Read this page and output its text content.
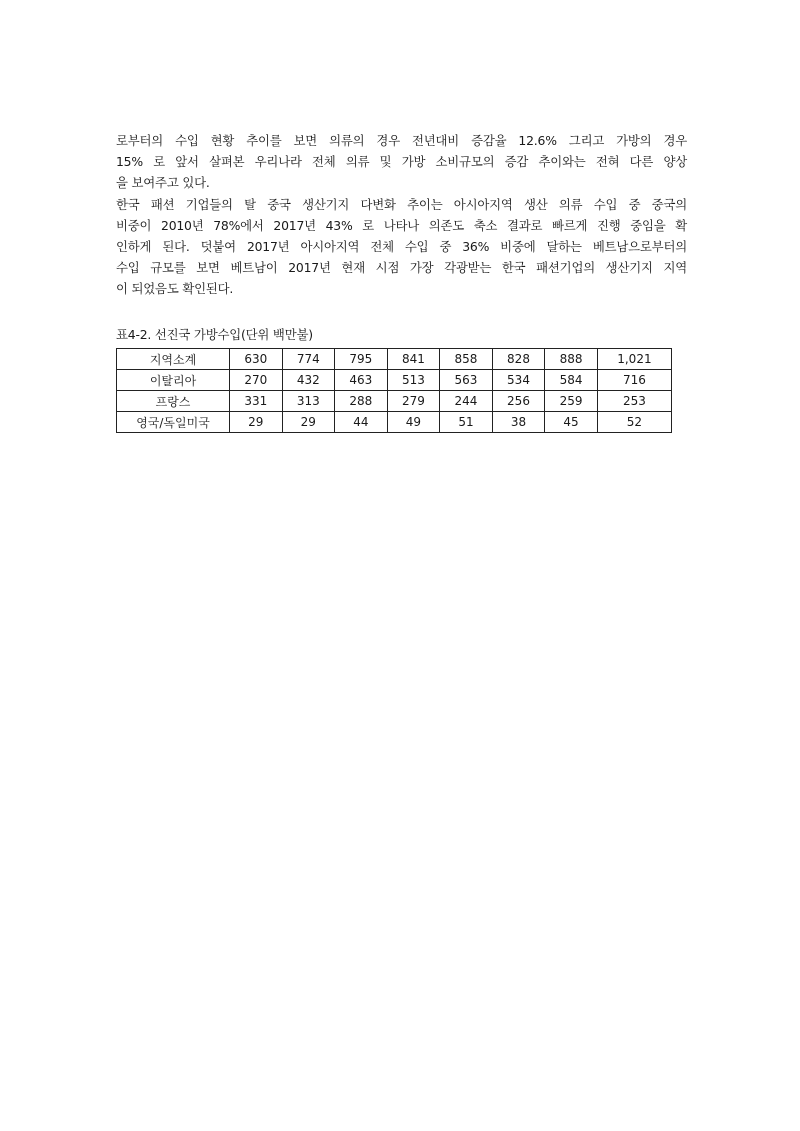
로부터의 수입 현황 추이를 보면 의류의 경우 전년대비 증감율 12.6% 그리고 가방의 경우
15% 로 앞서 살펴본 우리나라 전체 의류 및 가방 소비규모의 증감 추이와는 전혀 다른 양상
을 보여주고 있다.
한국 패션 기업들의 탈 중국 생산기지 다변화 추이는 아시아지역 생산 의류 수입 중 중국의
비중이 2010년 78%에서 2017년 43% 로 나타나 의존도 축소 결과로 빠르게 진행 중임을 확
인하게 된다. 덧붙여 2017년 아시아지역 전체 수입 중 36% 비중에 달하는 베트남으로부터의
수입 규모를 보면 베트남이 2017년 현재 시점 가장 각광받는 한국 패션기업의 생산기지 지역
이 되었음도 확인된다.
표4-2. 선진국 가방수입(단위 백만불)
지역소계	630	774	795	841	858	828	888	1,021
이탈리아	270	432	463	513	563	534	584	716
프랑스	331	313	288	279	244	256	259	253
영국/독일미국	29	29	44	49	51	38	45	52
